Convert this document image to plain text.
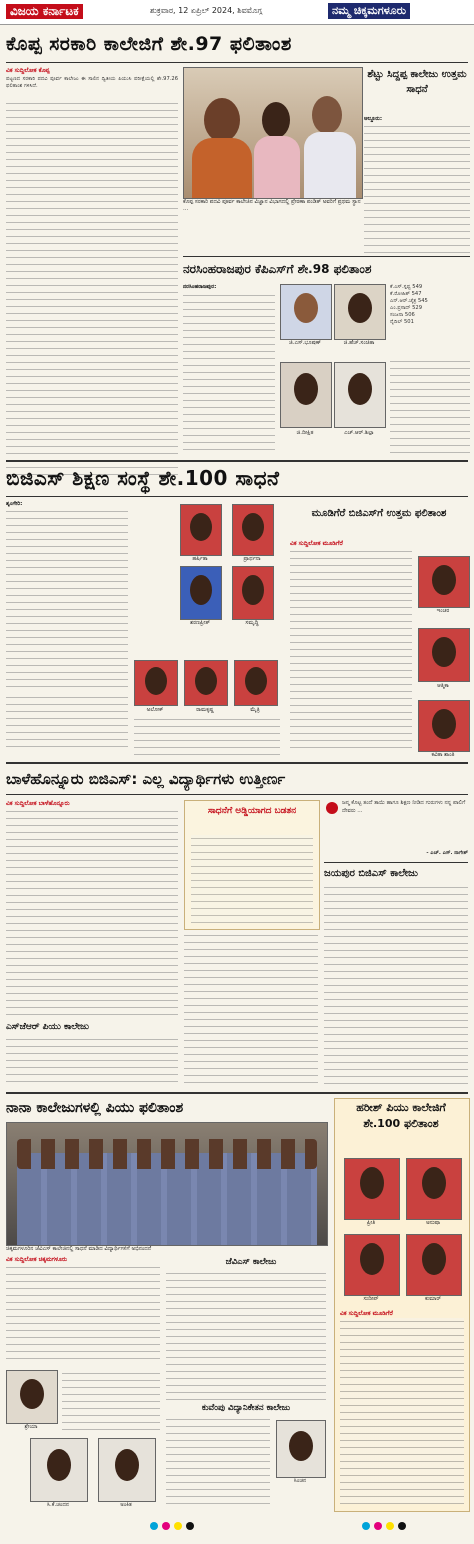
ವಿಜಯ ಕರ್ನಾಟಕ	ಶುಕ್ರವಾರ, 12 ಏಪ್ರಿಲ್ 2024, ಶಿವಮೊಗ್ಗ	ನಮ್ಮ ಚಿಕ್ಕಮಗಳೂರು
ಕೊಪ್ಪ ಸರಕಾರಿ ಕಾಲೇಜಿಗೆ ಶೇ.97 ಫಲಿತಾಂಶ
ವಿಕ ಸುದ್ದಿಲೋಕ ಕೊಪ್ಪ
ಪಟ್ಟಣದ ಸರಕಾರಿ ಪದವಿ ಪೂರ್ವ ಕಾಲೇಜು ಈ ಸಾಲಿನ ದ್ವಿತೀಯ ಪಿಯುಸಿ ಪರೀಕ್ಷೆಯಲ್ಲಿ ಶೇ.97.26 ಫಲಿತಾಂಶ ಗಳಿಸಿದೆ.
ಕೊಪ್ಪ ಸರಕಾರಿ ಪದವಿ ಪೂರ್ವ ಕಾಲೇಜಿನ ವಿಜ್ಞಾನ ವಿಭಾಗದಲ್ಲಿ ಪ್ರೇರಣಾ ಪಂಡಿತ್ ಅವರಿಗೆ ಪ್ರಥಮ ಸ್ಥಾನ ...
ಶೆಟ್ಟು ಸಿದ್ದಪ್ಪ ಕಾಲೇಜು ಉತ್ತಮ ಸಾಧನೆ
ಆಲ್ದೂರು:
ನರಸಿಂಹರಾಜಪುರ ಕೆಪಿಎಸ್‌ಗೆ ಶೇ.98 ಫಲಿತಾಂಶ
ನರಸಿಂಹರಾಜಪುರ:
ಜಿ.ಎಸ್.ಭೂಷಣ್	ಜಿ.ಹೆಚ್.ಸಂಚಿತಾ
ಜಿ.ದೀಕ್ಷಿತ	ಎಚ್.ಆರ್.ಶಿಲ್ಪಾ
ಕೆ.ಎಸ್.ಸ್ಪಷ್ಟ 549
ಕೆ.ರೋಹಿತ್ 547
ಎನ್.ಆರ್.ಚೈತ್ರ 545
ಎಂ.ಪ್ರಸಾದ್ 529
ಸಂಜನಾ 506
ನೈದಿಲ್ 501
ಬಿಜಿಎಸ್ ಶಿಕ್ಷಣ ಸಂಸ್ಥೆ ಶೇ.100 ಸಾಧನೆ
ಶೃಂಗೇರಿ:
ಹರ್ಷಿತಾ	ಪ್ರಾರ್ಥನಾ
ಶರಣಪ್ರೀತ್	ಸಮೃದ್ಧಿ
ಅಲೋಕ್	ರಾಮಕೃಷ್ಣ	ಮೈತ್ರಿ
ಮೂಡಿಗೆರೆ ಬಿಜಿಎಸ್‌ಗೆ ಉತ್ತಮ ಫಲಿತಾಂಶ
ವಿಕ ಸುದ್ದಿಲೋಕ ಮೂಡಿಗೆರೆ
ಇಂಚರ
ಆತ್ಮಿಕಾ
ಕವಿತಾ ಶಾಂತಿ
ಬಾಳೆಹೊನ್ನೂರು ಬಿಜಿಎಸ್: ಎಲ್ಲ ವಿದ್ಯಾರ್ಥಿಗಳು ಉತ್ತೀರ್ಣ
ವಿಕ ಸುದ್ದಿಲೋಕ ಬಾಳೆಹೊನ್ನೂರು
ಎಸ್‌ಜೆಆರ್ ಪಿಯು ಕಾಲೇಜು
ಸಾಧನೆಗೆ ಅಡ್ಡಿಯಾಗದ ಬಡತನ
ಜನ್ಮ ಕೊಟ್ಟ ತಂದೆ ತಾಯಿ ಹಾಗೂ ಶಿಕ್ಷಣ ನೀಡಿದ ಗುರುಗಳು ನನ್ನ ಪಾಲಿಗೆ ದೇವರು ...
- ಎಚ್. ಎಸ್. ನಾಗೇಶ್
ಜಯಪುರ ಬಿಜಿಎಸ್ ಕಾಲೇಜು
ನಾನಾ ಕಾಲೇಜುಗಳಲ್ಲಿ ಪಿಯು ಫಲಿತಾಂಶ
ಚಿಕ್ಕಮಗಳೂರಿನ ಜೆವಿಎಸ್ ಕಾಲೇಜಿನಲ್ಲಿ ಸಾಧನೆ ಮಾಡಿದ ವಿದ್ಯಾರ್ಥಿಗಳಿಗೆ ಅಭಿನಂದನೆ
ವಿಕ ಸುದ್ದಿಲೋಕ ಚಿಕ್ಕಮಗಳೂರು
ಶ್ರೇಯಾ
ಸಿ.ಕೆ.ಚಂದನ	ಅಂಕಿತ
ಜೆವಿಎಸ್ ಕಾಲೇಜು
ಕುವೆಂಪು ವಿದ್ಯಾನಿಕೇತನ ಕಾಲೇಜು
ಸಿಂಚನ
ಹರೀಶ್ ಪಿಯು ಕಾಲೇಜಿಗೆ ಶೇ.100 ಫಲಿತಾಂಶ
ಪ್ರೀತಿ	ಅನುಷಾ
ಸುದೀಪ್	ಕುಮಾರ್
ವಿಕ ಸುದ್ದಿಲೋಕ ಮೂಡಿಗೆರೆ
